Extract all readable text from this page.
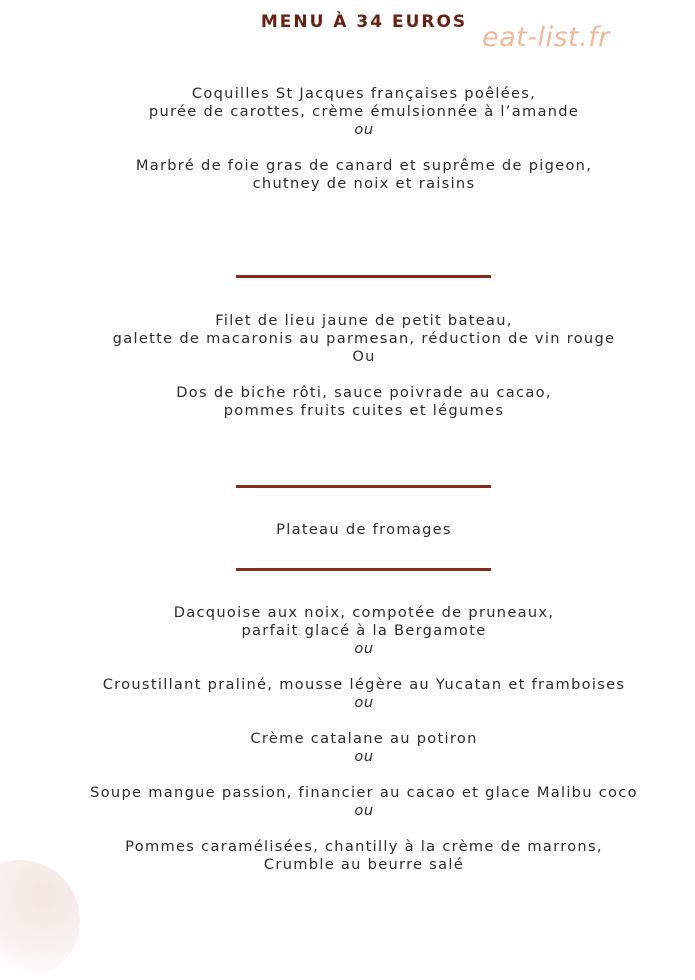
MENU À 34 EUROS eat-list.fr
Coquilles St Jacques françaises poêlées,
purée de carottes, crème émulsionnée à l’amande
ou
Marbré de foie gras de canard et suprême de pigeon,
chutney de noix et raisins
Filet de lieu jaune de petit bateau,
galette de macaronis au parmesan, réduction de vin rouge
Ou
Dos de biche rôti, sauce poivrade au cacao,
pommes fruits cuites et légumes
Plateau de fromages
Dacquoise aux noix, compotée de pruneaux,
parfait glacé à la Bergamote
ou
Croustillant praliné, mousse légère au Yucatan et framboises
ou
Crème catalane au potiron
ou
Soupe mangue passion, financier au cacao et glace Malibu coco
ou
Pommes caramélisées, chantilly à la crème de marrons,
Crumble au beurre salé
